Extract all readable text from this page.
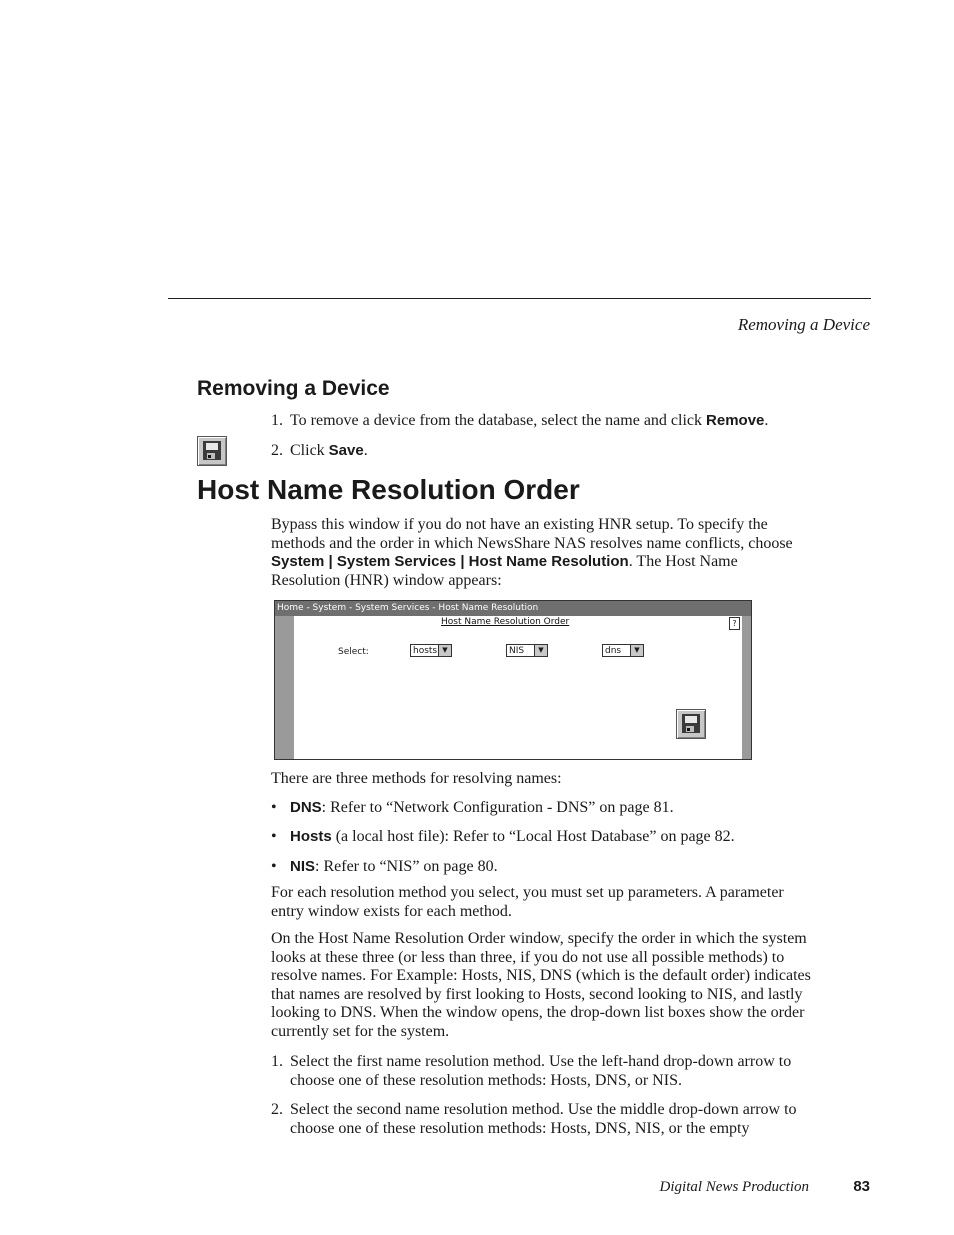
Removing a Device
Removing a Device
1. To remove a device from the database, select the name and click Remove.
2. Click Save.
Host Name Resolution Order
Bypass this window if you do not have an existing HNR setup. To specify the methods and the order in which NewsShare NAS resolves name conflicts, choose System | System Services | Host Name Resolution. The Host Name Resolution (HNR) window appears:
Home - System - System Services - Host Name Resolution
Host Name Resolution Order	?
Select:	hosts ▼	NIS	▼	dns	▼
There are three methods for resolving names:
• DNS: Refer to “Network Configuration - DNS” on page 81.
• Hosts (a local host file): Refer to “Local Host Database” on page 82.
• NIS: Refer to “NIS” on page 80.
For each resolution method you select, you must set up parameters. A parameter entry window exists for each method.
On the Host Name Resolution Order window, specify the order in which the system looks at these three (or less than three, if you do not use all possible methods) to resolve names. For Example: Hosts, NIS, DNS (which is the default order) indicates that names are resolved by first looking to Hosts, second looking to NIS, and lastly looking to DNS. When the window opens, the drop-down list boxes show the order currently set for the system.
1. Select the first name resolution method. Use the left-hand drop-down arrow to choose one of these resolution methods: Hosts, DNS, or NIS.
2. Select the second name resolution method. Use the middle drop-down arrow to choose one of these resolution methods: Hosts, DNS, NIS, or the empty
Digital News Production	83
